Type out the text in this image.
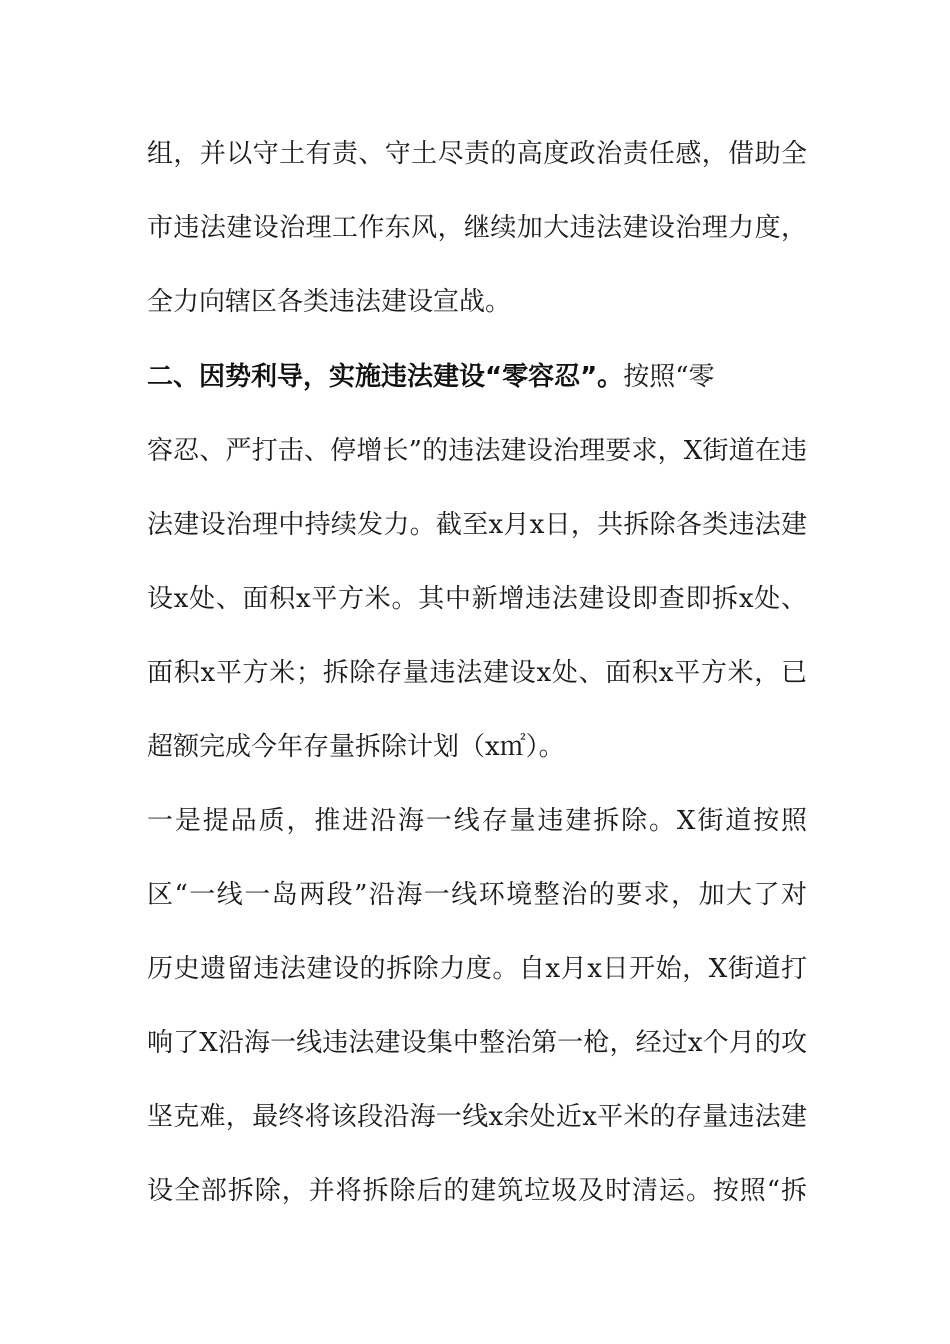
组，并以守土有责、守土尽责的高度政治责任感，借助全
市违法建设治理工作东风，继续加大违法建设治理力度，
全力向辖区各类违法建设宣战。
二、因势利导，实施违法建设“零容忍”。按照“零
容忍、严打击、停增长”的违法建设治理要求，X街道在违
法建设治理中持续发力。截至x月x日，共拆除各类违法建
设x处、面积x平方米。其中新增违法建设即查即拆x处、
面积x平方米；拆除存量违法建设x处、面积x平方米，已
超额完成今年存量拆除计划（x㎡）。
一是提品质，推进沿海一线存量违建拆除。X街道按照
区“一线一岛两段”沿海一线环境整治的要求，加大了对
历史遗留违法建设的拆除力度。自x月x日开始，X街道打
响了X沿海一线违法建设集中整治第一枪，经过x个月的攻
坚克难，最终将该段沿海一线x余处近x平米的存量违法建
设全部拆除，并将拆除后的建筑垃圾及时清运。按照“拆
